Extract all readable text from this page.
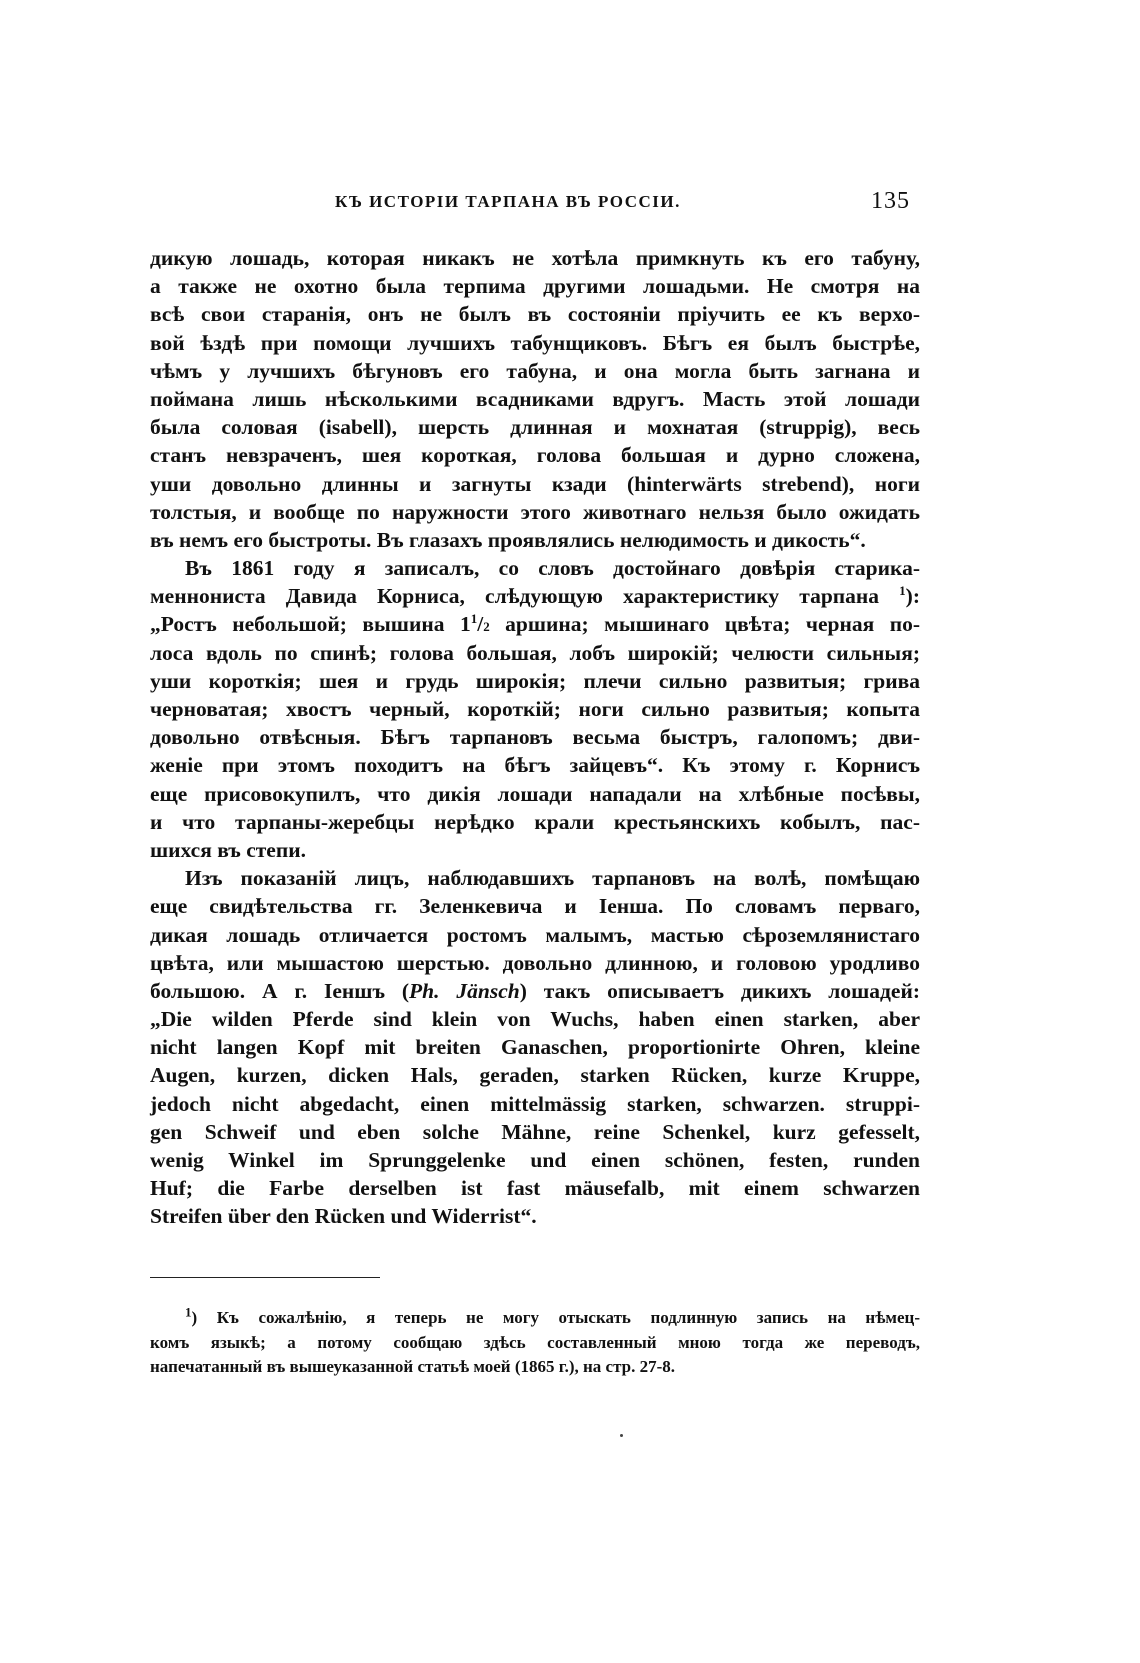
КЪ ИСТОРІИ ТАРПАНА ВЪ РОССІИ.	135
дикую лошадь, которая никакъ не хотѣла примкнуть къ его табуну,
а также не охотно была терпима другими лошадьми. Не смотря на
всѣ свои старанія, онъ не былъ въ состояніи пріучить ее къ верхо-
вой ѣздѣ при помощи лучшихъ табунщиковъ. Бѣгъ ея былъ быстрѣе,
чѣмъ у лучшихъ бѣгуновъ его табуна, и она могла быть загнана и
поймана лишь нѣсколькими всадниками вдругъ. Масть этой лошади
была соловая (isabell), шерсть длинная и мохнатая (struppig), весь
станъ невзраченъ, шея короткая, голова большая и дурно сложена,
уши довольно длинны и загнуты кзади (hinterwärts strebend), ноги
толстыя, и вообще по наружности этого животнаго нельзя было ожидать
въ немъ его быстроты. Въ глазахъ проявлялись нелюдимость и дикость“.
Въ 1861 году я записалъ, со словъ достойнаго довѣрія старика-
меннониста Давида Корниса, слѣдующую характеристику тарпана $^1$):
„Ростъ небольшой; вышина $1^1/2$ аршина; мышинаго цвѣта; черная по-
лоса вдоль по спинѣ; голова большая, лобъ широкій; челюсти сильныя;
уши короткія; шея и грудь широкія; плечи сильно развитыя; грива
черноватая; хвостъ черный, короткій; ноги сильно развитыя; копыта
довольно отвѣсныя. Бѣгъ тарпановъ весьма быстръ, галопомъ; дви-
женіе при этомъ походитъ на бѣгъ зайцевъ“. Къ этому г. Корнисъ
еще присовокупилъ, что дикія лошади нападали на хлѣбные посѣвы,
и что тарпаны-жеребцы нерѣдко крали крестьянскихъ кобылъ, пас-
шихся въ степи.
Изъ показаній лицъ, наблюдавшихъ тарпановъ на волѣ, помѣщаю
еще свидѣтельства гг. Зеленкевича и Іенша. По словамъ перваго,
дикая лошадь отличается ростомъ малымъ, мастью сѣроземлянистаго
цвѣта, или мышастою шерстью. довольно длинною, и головою уродливо
большою. А г. Іеншъ (Ph. Jänsch) такъ описываетъ дикихъ лошадей:
„Die wilden Pferde sind klein von Wuchs, haben einen starken, aber
nicht langen Kopf mit breiten Ganaschen, proportionirte Ohren, kleine
Augen, kurzen, dicken Hals, geraden, starken Rücken, kurze Kruppe,
jedoch nicht abgedacht, einen mittelmässig starken, schwarzen. struppi-
gen Schweif und eben solche Mähne, reine Schenkel, kurz gefesselt,
wenig Winkel im Sprunggelenke und einen schönen, festen, runden
Huf; die Farbe derselben ist fast mäusefalb, mit einem schwarzen
Streifen über den Rücken und Widerrist“.
$^1$) Къ сожалѣнію, я теперь не могу отыскать подлинную запись на нѣмец-
комъ языкѣ; а потому сообщаю здѣсь составленный мною тогда же переводъ,
напечатанный въ вышеуказанной статьѣ моей (1865 г.), на стр. 27-8.
